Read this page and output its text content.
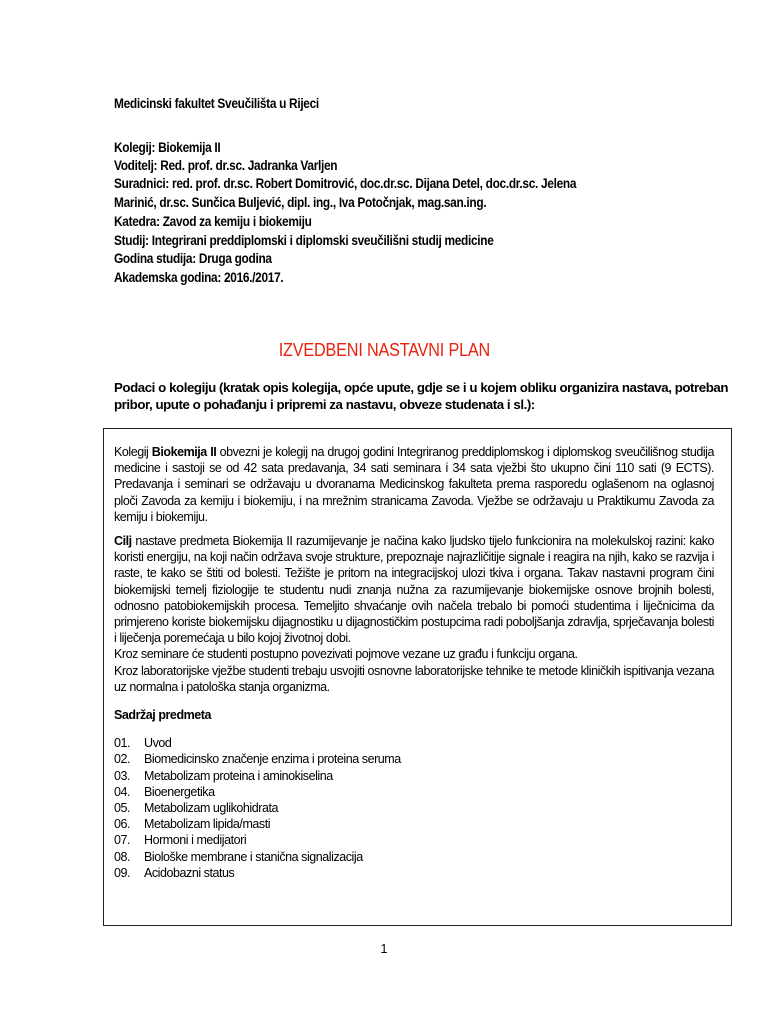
Medicinski fakultet Sveučilišta u Rijeci
Kolegij: Biokemija II
Voditelj: Red. prof. dr.sc. Jadranka Varljen
Suradnici: red. prof. dr.sc. Robert Domitrović, doc.dr.sc. Dijana Detel, doc.dr.sc. Jelena
Marinić, dr.sc. Sunčica Buljević, dipl. ing., Iva Potočnjak, mag.san.ing.
Katedra: Zavod za kemiju i biokemiju
Studij: Integrirani preddiplomski i diplomski sveučilišni studij medicine
Godina studija: Druga godina
Akademska godina: 2016./2017.
IZVEDBENI NASTAVNI PLAN
Podaci o kolegiju (kratak opis kolegija, opće upute, gdje se i u kojem obliku organizira nastava, potreban pribor, upute o pohađanju i pripremi za nastavu, obveze studenata i sl.):

Kolegij Biokemija II obvezni je kolegij na drugoj godini Integriranog preddiplomskog i diplomskog sveučilišnog studija medicine i sastoji se od 42 sata predavanja, 34 sati seminara i 34 sata vježbi što ukupno čini 110 sati (9 ECTS). Predavanja i seminari se održavaju u dvoranama Medicinskog fakulteta prema rasporedu oglašenom na oglasnoj ploči Zavoda za kemiju i biokemiju, i na mrežnim stranicama Zavoda. Vježbe se održavaju u Praktikumu Zavoda za kemiju i biokemiju.

Cilj nastave predmeta Biokemija II razumijevanje je načina kako ljudsko tijelo funkcionira na molekulskoj razini: kako koristi energiju, na koji način održava svoje strukture, prepoznaje najrazličitije signale i reagira na njih, kako se razvija i raste, te kako se štiti od bolesti. Težište je pritom na integracijskoj ulozi tkiva i organa. Takav nastavni program čini biokemijski temelj fiziologije te studentu nudi znanja nužna za razumijevanje biokemijske osnove brojnih bolesti, odnosno patobiokemijskih procesa. Temeljito shvaćanje ovih načela trebalo bi pomoći studentima i liječnicima da primjereno koriste biokemijsku dijagnostiku u dijagnostičkim postupcima radi poboljšanja zdravlja, sprječavanja bolesti i liječenja poremećaja u bilo kojoj životnoj dobi.

Kroz seminare će studenti postupno povezivati pojmove vezane uz građu i funkciju organa.

Kroz laboratorijske vježbe studenti trebaju usvojiti osnovne laboratorijske tehnike te metode kliničkih ispitivanja vezana uz normalna i patološka stanja organizma.

Sadržaj predmeta

01.	Uvod
02.	Biomedicinsko značenje enzima i proteina seruma
03.	Metabolizam proteina i aminokiselina
04.	Bioenergetika
05.	Metabolizam uglikohidrata
06.	Metabolizam lipida/masti
07.	Hormoni i medijatori
08.	Biološke membrane i stanična signalizacija
09.	Acidobazni status
1
